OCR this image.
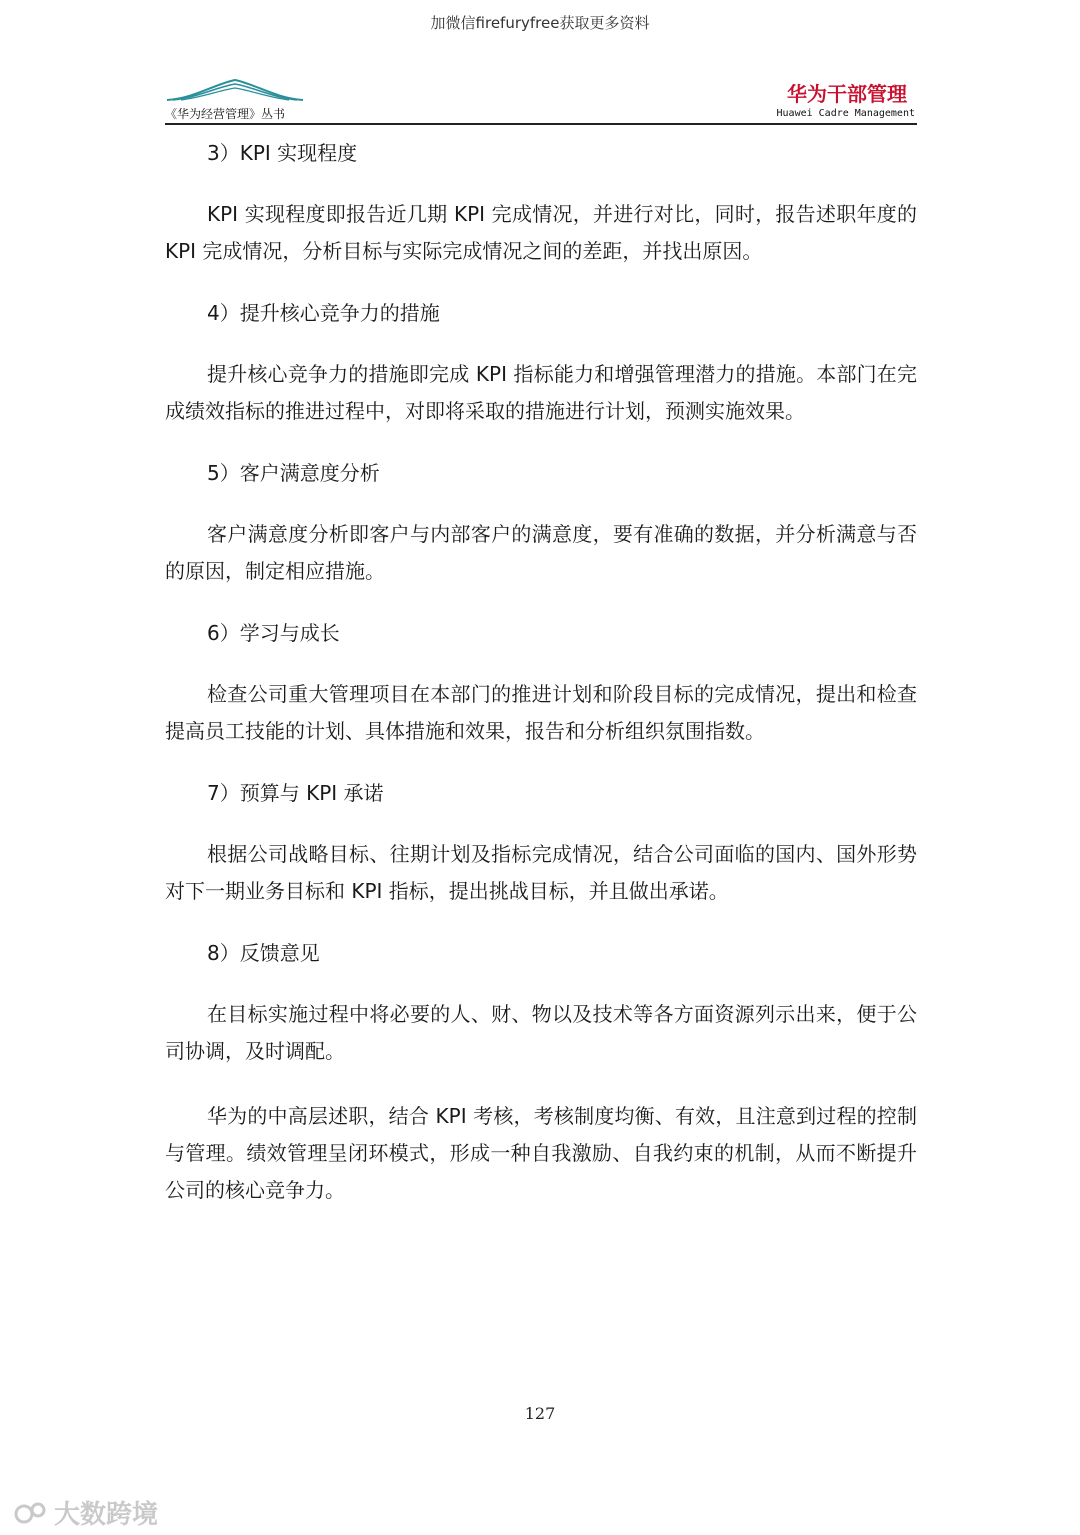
加微信firefuryfree获取更多资料
《华为经营管理》丛书
华为干部管理
Huawei Cadre Management

3）KPI 实现程度

KPI 实现程度即报告近几期 KPI 完成情况，并进行对比，同时，报告述职年度的 KPI 完成情况，分析目标与实际完成情况之间的差距，并找出原因。

4）提升核心竞争力的措施

提升核心竞争力的措施即完成 KPI 指标能力和增强管理潜力的措施。本部门在完成绩效指标的推进过程中，对即将采取的措施进行计划，预测实施效果。

5）客户满意度分析

客户满意度分析即客户与内部客户的满意度，要有准确的数据，并分析满意与否的原因，制定相应措施。

6）学习与成长

检查公司重大管理项目在本部门的推进计划和阶段目标的完成情况，提出和检查提高员工技能的计划、具体措施和效果，报告和分析组织氛围指数。

7）预算与 KPI 承诺

根据公司战略目标、往期计划及指标完成情况，结合公司面临的国内、国外形势对下一期业务目标和 KPI 指标，提出挑战目标，并且做出承诺。

8）反馈意见

在目标实施过程中将必要的人、财、物以及技术等各方面资源列示出来，便于公司协调，及时调配。

华为的中高层述职，结合 KPI 考核，考核制度均衡、有效，且注意到过程的控制与管理。绩效管理呈闭环模式，形成一种自我激励、自我约束的机制，从而不断提升公司的核心竞争力。

127
大数跨境
